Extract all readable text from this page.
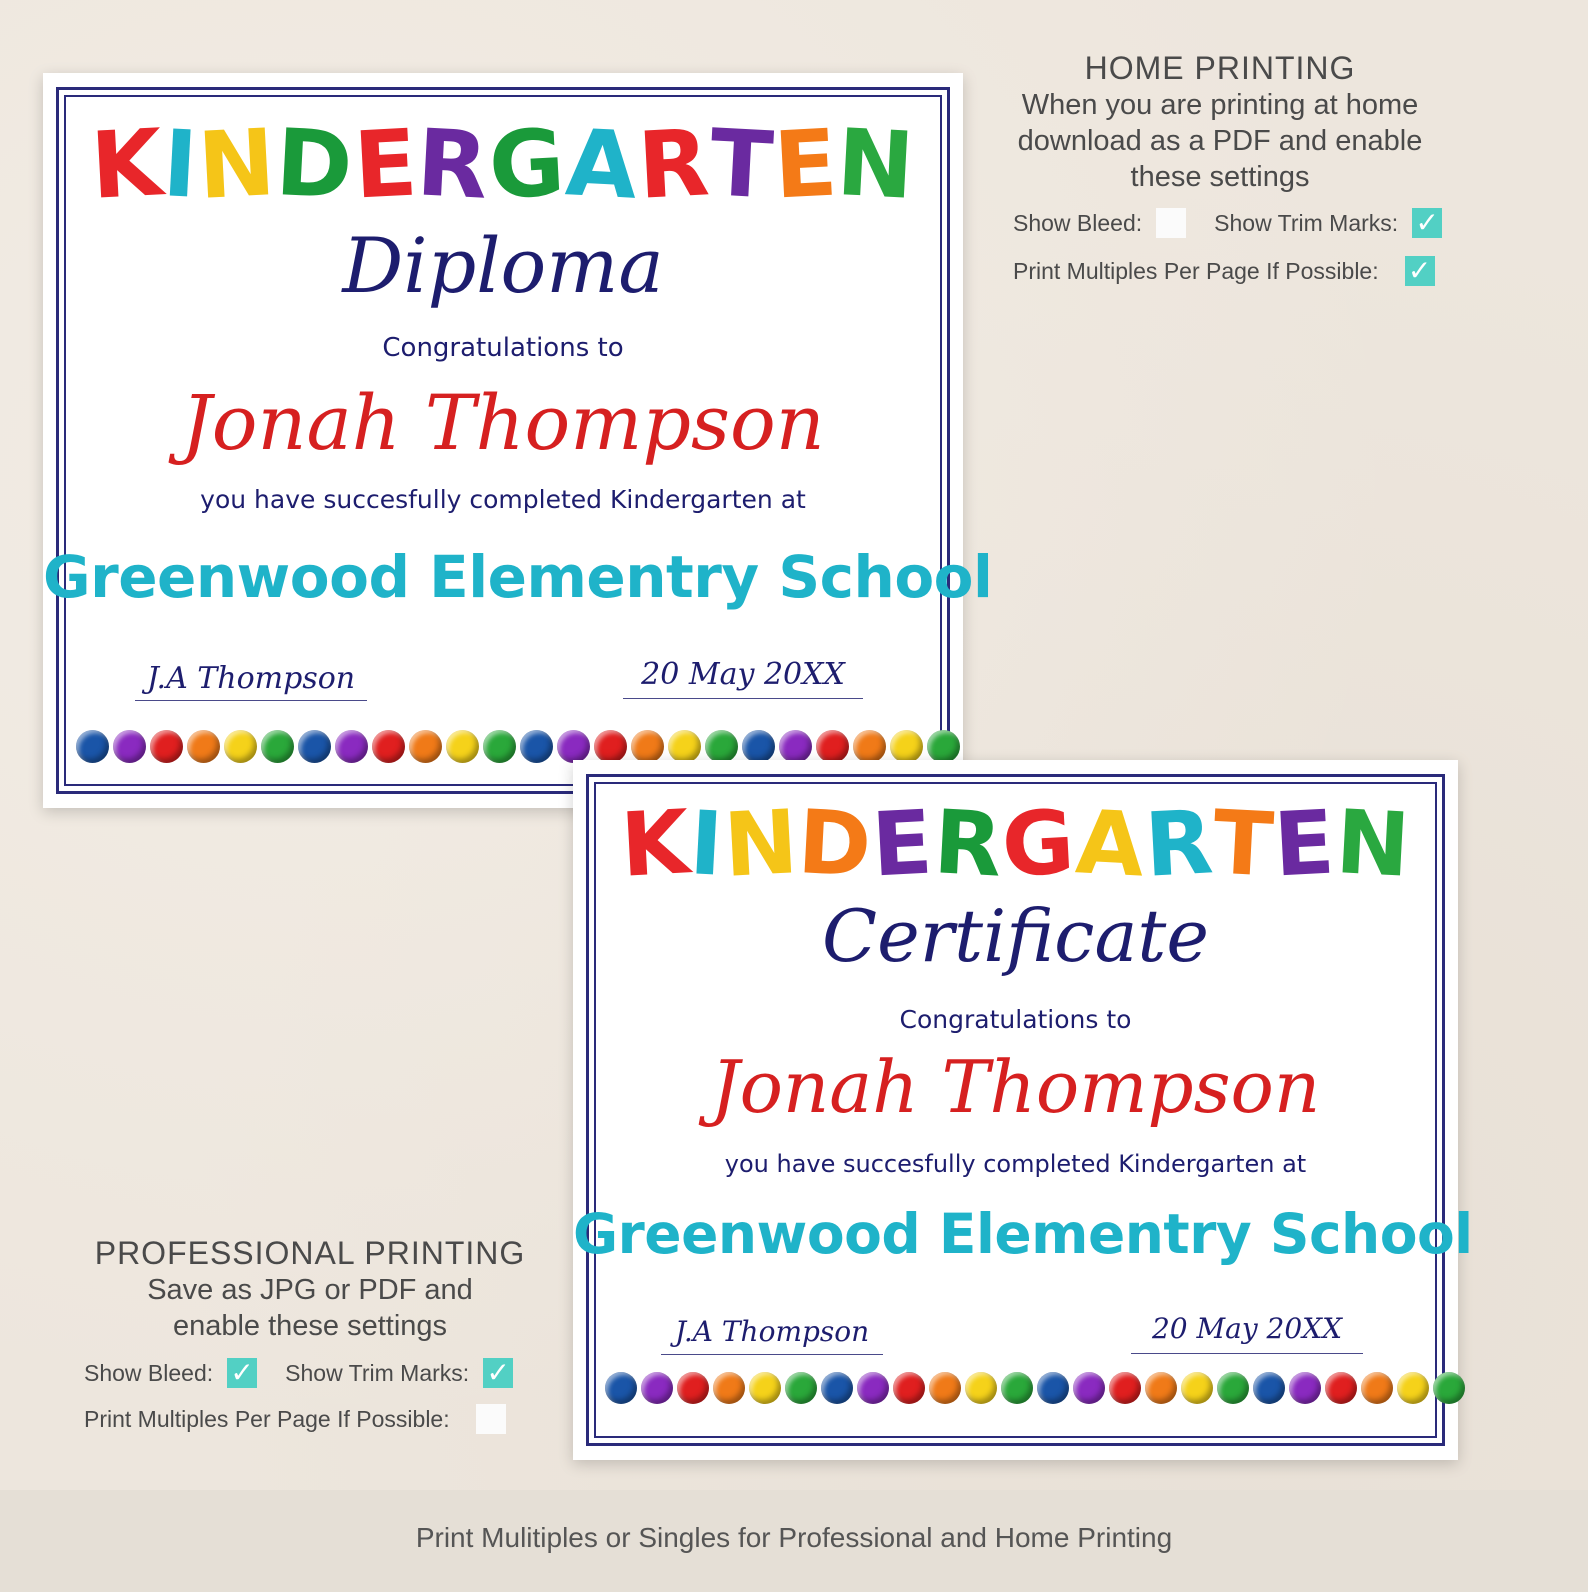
KINDERGARTEN
Diploma
Congratulations to
Jonah Thompson
you have succesfully completed Kindergarten at
Greenwood Elementry School
J.A Thompson	20 May 20XX
KINDERGARTEN
Certificate
Congratulations to
Jonah Thompson
you have succesfully completed Kindergarten at
Greenwood Elementry School
J.A Thompson	20 May 20XX
HOME PRINTING
When you are printing at home
download as a PDF and enable
these settings
Show Bleed:	Show Trim Marks: ✓
Print Multiples Per Page If Possible: ✓
PROFESSIONAL PRINTING
Save as JPG or PDF and
enable these settings
Show Bleed: ✓ Show Trim Marks: ✓
Print Multiples Per Page If Possible:
Print Mulitiples or Singles for Professional and Home Printing
